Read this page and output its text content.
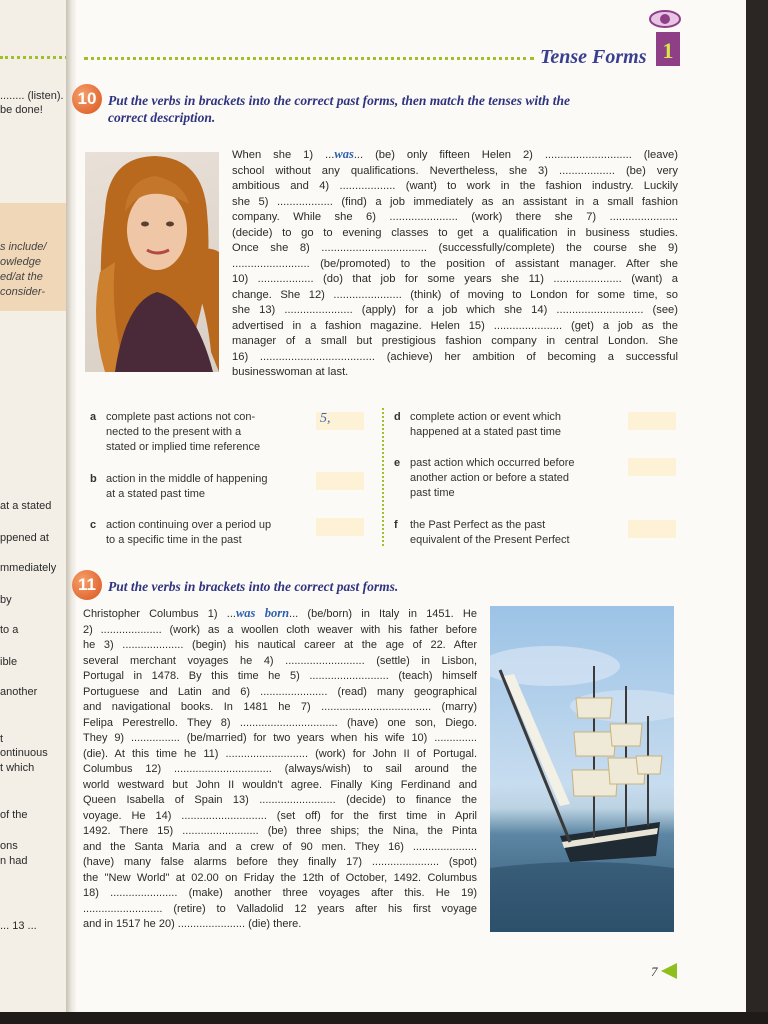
s include/
owledge
ed/at the
consider-
........ (listen).
be done!
at a stated
ppened at
mmediately
by
to a
ible
another
t
ontinuous
t which
of the
ons
n had
... 13 ...
Tense Forms 1
10 Put the verbs in brackets into the correct past forms, then match the tenses with the
correct description.

When she 1) ...was... (be) only fifteen Helen 2) ............................ (leave)

school without any qualifications. Nevertheless, she 3) .................. (be) very

ambitious and 4) .................. (want) to work in the fashion industry. Luckily

she 5) .................. (find) a job immediately as an assistant in a small fashion

company. While she 6) ...................... (work) there she 7) ......................

(decide) to go to evening classes to get a qualification in business studies.

Once she 8) .................................. (successfully/complete) the course she 9)

......................... (be/promoted) to the position of assistant manager. After she

10) .................. (do) that job for some years she 11) ...................... (want) a

change. She 12) ...................... (think) of moving to London for some time, so

she 13) ...................... (apply) for a job which she 14) ............................ (see)

advertised in a fashion magazine. Helen 15) ...................... (get) a job as the

manager of a small but prestigious fashion company in central London. She

16) ..................................... (achieve) her ambition of becoming a successful

businesswoman at last.

11 Put the verbs in brackets into the correct past forms.

Christopher Columbus 1) ...was born... (be/born) in Italy in 1451. He

2) .................... (work) as a woollen cloth weaver with his father before

he 3) .................... (begin) his nautical career at the age of 22. After

several merchant voyages he 4) .......................... (settle) in Lisbon,

Portugal in 1478. By this time he 5) .......................... (teach) himself

Portuguese and Latin and 6) ...................... (read) many geographical

and navigational books. In 1481 he 7) .................................... (marry)

Felipa Perestrello. They 8) ................................ (have) one son, Diego.

They 9) ................ (be/married) for two years when his wife 10) ..............

(die). At this time he 11) ........................... (work) for John II of Portugal.

Columbus 12) ................................ (always/wish) to sail around the

world westward but John II wouldn't agree. Finally King Ferdinand and

Queen Isabella of Spain 13) ......................... (decide) to finance the

voyage. He 14) ............................ (set off) for the first time in April

1492. There 15) ......................... (be) three ships; the Nina, the Pinta

and the Santa Maria and a crew of 90 men. They 16) .....................

(have) many false alarms before they finally 17) ...................... (spot)

the "New World" at 02.00 on Friday the 12th of October, 1492. Columbus

18) ...................... (make) another three voyages after this. He 19)

.......................... (retire) to Valladolid 12 years after his first voyage

and in 1517 he 20) ...................... (die) there.

7
5,
a complete past actions not con-
nected to the present with a
stated or implied time reference
b action in the middle of happening
at a stated past time
c action continuing over a period up
to a specific time in the past
d complete action or event which
happened at a stated past time
e past action which occurred before
another action or before a stated
past time
f the Past Perfect as the past
equivalent of the Present Perfect
